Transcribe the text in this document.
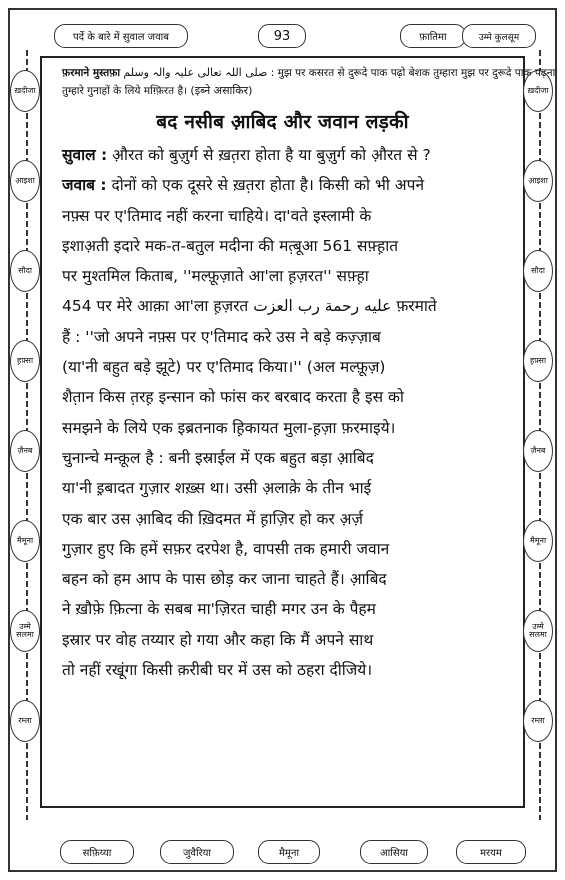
पर्दे के बारे में सुवाल जवाब	93	फ़ातिमा	उम्मे कुलसूम
ख़दीजा
आ़इशा
सौदा
ह़फ़्सा
ज़ैनब
मैमूना
उम्मे सलमा
रम्ला
ख़दीजा
आ़इशा
सौदा
ह़फ़्सा
ज़ैनब
मैमूना
उम्मे सलमा
रम्ला
फ़रमाने मुस्तफ़ा صلی اللہ تعالی علیہ والہ وسلم : मुझ पर कसरत से दुरूदे पाक पढ़ो बेशक तुम्हारा मुझ पर दुरूदे पाक पढ़ना
तुम्हारे गुनाहों के लिये मग़्फ़िरत है। (इब्ने असाकिर)
बद नसीब आ़बिद और जवान लड़की
सुवाल : औ़रत को बुज़ुर्ग से ख़त़रा होता है या बुज़ुर्ग को औ़रत से ?
जवाब : दोनों को एक दूसरे से ख़त़रा होता है। किसी को भी अपने
नफ़्स पर ए'तिमाद नहीं करना चाहिये। दा'वते इस्लामी के
इशाअ़ती इदारे मक-त-बतुल मदीना की मत़्बूआ 561 सफ़्ह़ात
पर मुश्तमिल किताब, ''मल्फ़ूज़ाते आ'ला ह़ज़रत'' सफ़्ह़ा
454 पर मेरे आक़ा आ'ला ह़ज़रत عليه رحمة رب العزت फ़रमाते
हैं : ''जो अपने नफ़्स पर ए'तिमाद करे उस ने बड़े कज़्ज़ाब
(या'नी बहुत बड़े झूटे) पर ए'तिमाद किया।'' (अल मल्फ़ूज़)
शैत़ान किस त़रह़ इन्सान को फांस कर बरबाद करता है इस को
समझने के लिये एक इब्रतनाक ह़िकायत मुला-ह़ज़ा फ़रमाइये।
चुनान्चे मन्क़ूल है : बनी इस्राईल में एक बहुत बड़ा आ़बिद
या'नी इ़बादत गुज़ार शख़्स था। उसी अ़लाक़े के तीन भाई
एक बार उस आ़बिद की ख़िदमत में ह़ाज़िर हो कर अ़र्ज़
गुज़ार हुए कि हमें सफ़र दरपेश है, वापसी तक हमारी जवान
बहन को हम आप के पास छोड़ कर जाना चाहते हैं। आ़बिद
ने ख़ौफ़े फ़ित्ना के सबब मा'ज़िरत चाही मगर उन के पैहम
इस्रार पर वोह तय्यार हो गया और कहा कि मैं अपने साथ
तो नहीं रखूंगा किसी क़रीबी घर में उस को ठहरा दीजिये।
सफ़िय्या	जुवैरिया	मैमूना	आसिया	मरयम
